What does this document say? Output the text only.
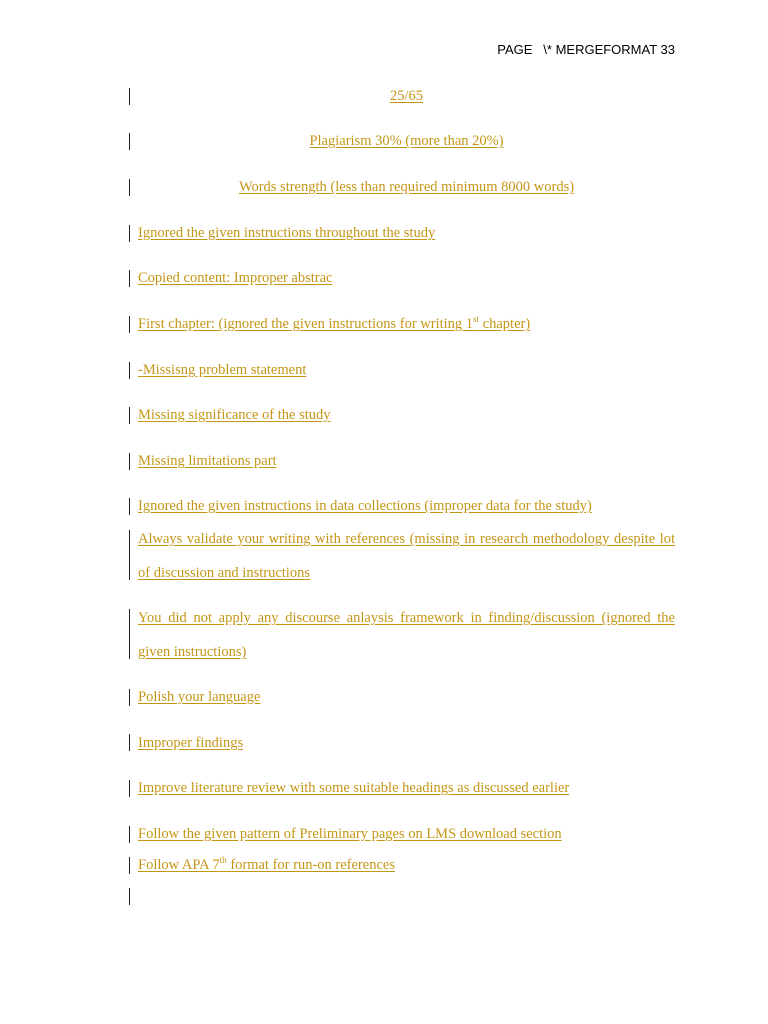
PAGE   \* MERGEFORMAT 33
25/65
Plagiarism 30% (more than 20%)
Words strength (less than required minimum 8000 words)
Ignored the given instructions throughout the study
Copied content: Improper abstrac
First chapter: (ignored the given instructions for writing 1st chapter)
-Missisng problem statement
Missing significance of the study
Missing limitations part
Ignored the given instructions in data collections (improper data for the study)
Always validate your writing with references (missing in research methodology despite lot of discussion and instructions
You did not apply any discourse anlaysis framework in finding/discussion (ignored the given instructions)
Polish your language
Improper findings
Improve literature review with some suitable headings as discussed earlier
Follow the given pattern of Preliminary pages on LMS download section
Follow APA 7th format for run-on references
